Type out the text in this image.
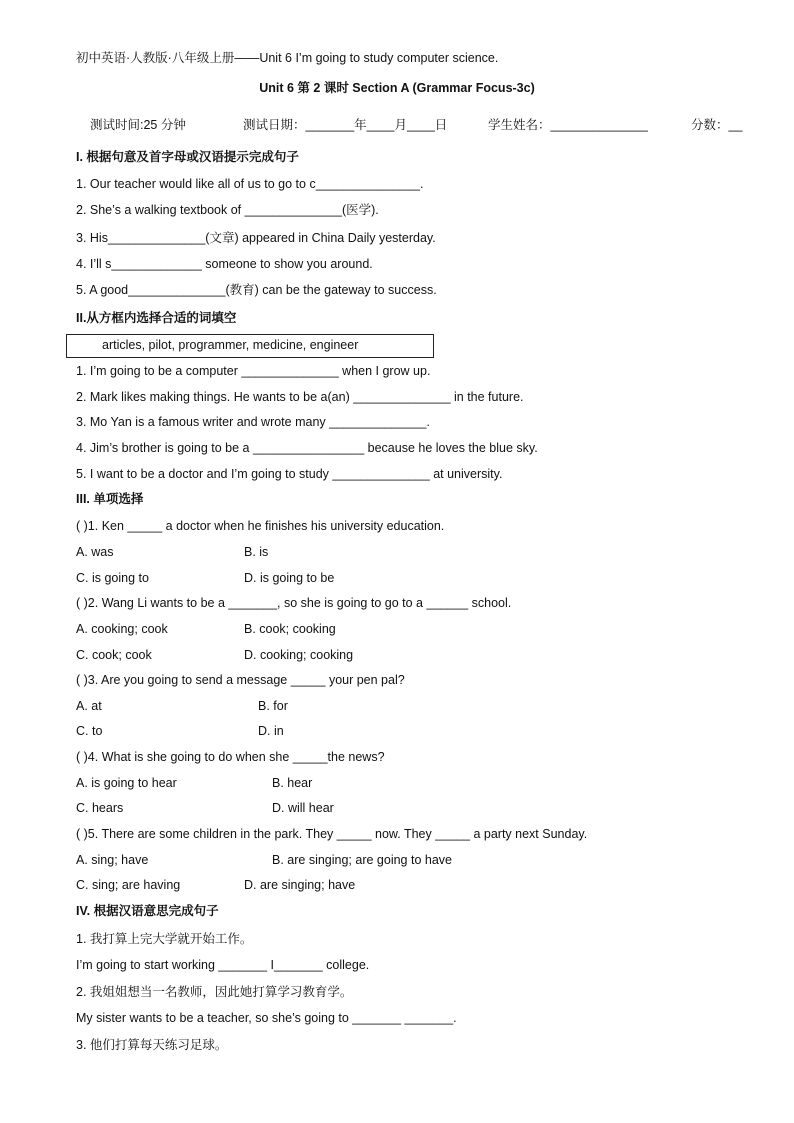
初中英语·人教版·八年级上册——Unit 6 I’m going to study computer science.
Unit 6 第 2 课时 Section A (Grammar Focus-3c)
测试时间:25 分钟	测试日期：_______年____月____日	学生姓名：______________	分数：__
I. 根据句意及首字母或汉语提示完成句子
1. Our teacher would like all of us to go to c_______________.
2. She’s a walking textbook of ______________(医学).
3. His______________(文章) appeared in China Daily yesterday.
4. I’ll s_____________ someone to show you around.
5. A good______________(教育) can be the gateway to success.
II.从方框内选择合适的词填空
articles, pilot, programmer, medicine, engineer
1. I’m going to be a computer ______________ when I grow up.
2. Mark likes making things. He wants to be a(an) ______________ in the future.
3. Mo Yan is a famous writer and wrote many ______________.
4. Jim’s brother is going to be a ________________ because he loves the blue sky.
5. I want to be a doctor and I’m going to study ______________ at university.
III. 单项选择
( )1. Ken _____ a doctor when he finishes his university education.
A. was	B. is
C. is going to	D. is going to be
( )2. Wang Li wants to be a _______, so she is going to go to a ______ school.
A. cooking; cook	B. cook; cooking
C. cook; cook	D. cooking; cooking
( )3. Are you going to send a message _____ your pen pal?
A. at	B. for
C. to	D. in
( )4. What is she going to do when she _____the news?
A. is going to hear	B. hear
C. hears	D. will hear
( )5. There are some children in the park. They _____ now. They _____ a party next Sunday.
A. sing; have	B. are singing; are going to have
C. sing; are having	D. are singing; have
IV. 根据汉语意思完成句子
1. 我打算上完大学就开始工作。
I’m going to start working _______ I_______ college.
2. 我姐姐想当一名教师，因此她打算学习教育学。
My sister wants to be a teacher, so she’s going to _______ _______.
3. 他们打算每天练习足球。
